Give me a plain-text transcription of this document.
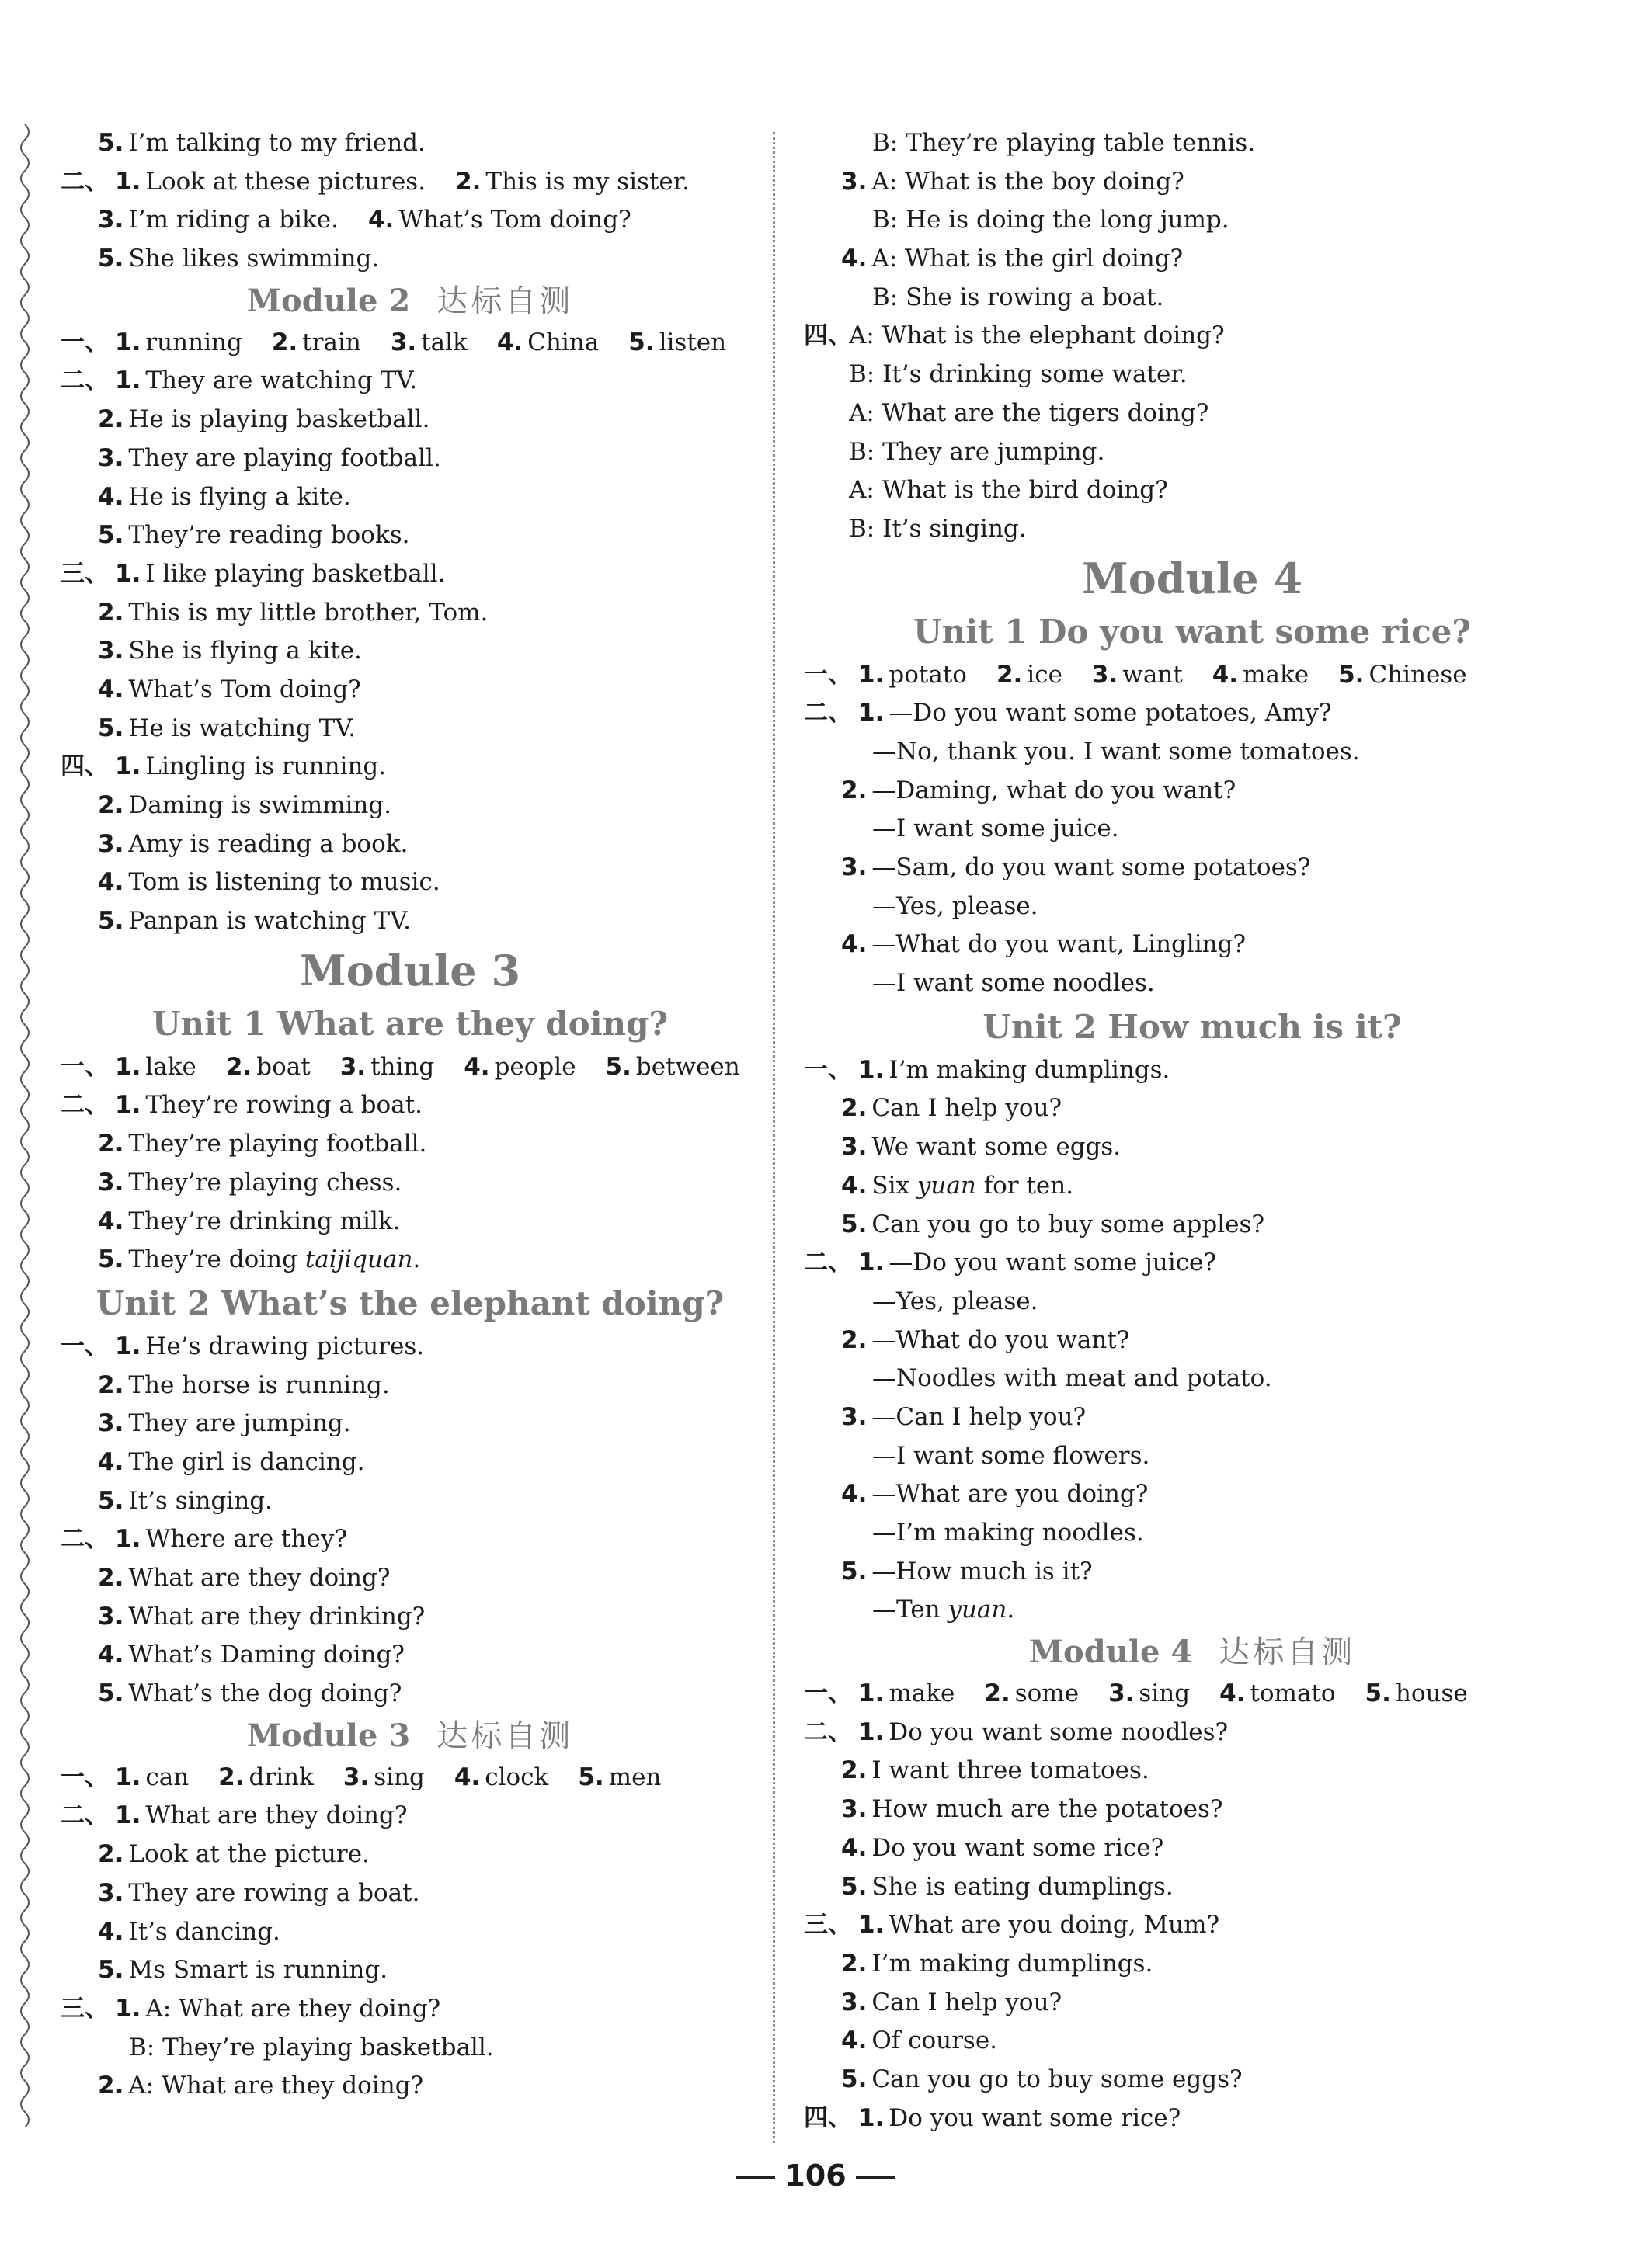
5. I’m talking to my friend.
二、 1. Look at these pictures. 2. This is my sister.
3. I’m riding a bike. 4. What’s Tom doing?
5. She likes swimming.
Module 2 达标自测
一、 1. running 2. train 3. talk 4. China 5. listen
二、 1. They are watching TV.
2. He is playing basketball.
3. They are playing football.
4. He is flying a kite.
5. They’re reading books.
三、 1. I like playing basketball.
2. This is my little brother, Tom.
3. She is flying a kite.
4. What’s Tom doing?
5. He is watching TV.
四、 1. Lingling is running.
2. Daming is swimming.
3. Amy is reading a book.
4. Tom is listening to music.
5. Panpan is watching TV.
Module 3
Unit 1 What are they doing?
一、 1. lake 2. boat 3. thing 4. people 5. between
二、 1. They’re rowing a boat.
2. They’re playing football.
3. They’re playing chess.
4. They’re drinking milk.
5. They’re doing taijiquan.
Unit 2 What’s the elephant doing?
一、 1. He’s drawing pictures.
2. The horse is running.
3. They are jumping.
4. The girl is dancing.
5. It’s singing.
二、 1. Where are they?
2. What are they doing?
3. What are they drinking?
4. What’s Daming doing?
5. What’s the dog doing?
Module 3 达标自测
一、 1. can 2. drink 3. sing 4. clock 5. men
二、 1. What are they doing?
2. Look at the picture.
3. They are rowing a boat.
4. It’s dancing.
5. Ms Smart is running.
三、 1. A: What are they doing?
B: They’re playing basketball.
2. A: What are they doing?
B: They’re playing table tennis.
3. A: What is the boy doing?
B: He is doing the long jump.
4. A: What is the girl doing?
B: She is rowing a boat.
四、A: What is the elephant doing?
B: It’s drinking some water.
A: What are the tigers doing?
B: They are jumping.
A: What is the bird doing?
B: It’s singing.
Module 4
Unit 1 Do you want some rice?
一、 1. potato 2. ice 3. want 4. make 5. Chinese
二、 1. —Do you want some potatoes, Amy?
—No, thank you. I want some tomatoes.
2. —Daming, what do you want?
—I want some juice.
3. —Sam, do you want some potatoes?
—Yes, please.
4. —What do you want, Lingling?
—I want some noodles.
Unit 2 How much is it?
一、 1. I’m making dumplings.
2. Can I help you?
3. We want some eggs.
4. Six yuan for ten.
5. Can you go to buy some apples?
二、 1. —Do you want some juice?
—Yes, please.
2. —What do you want?
—Noodles with meat and potato.
3. —Can I help you?
—I want some flowers.
4. —What are you doing?
—I’m making noodles.
5. —How much is it?
—Ten yuan.
Module 4 达标自测
一、 1. make 2. some 3. sing 4. tomato 5. house
二、 1. Do you want some noodles?
2. I want three tomatoes.
3. How much are the potatoes?
4. Do you want some rice?
5. She is eating dumplings.
三、 1. What are you doing, Mum?
2. I’m making dumplings.
3. Can I help you?
4. Of course.
5. Can you go to buy some eggs?
四、 1. Do you want some rice?
106
